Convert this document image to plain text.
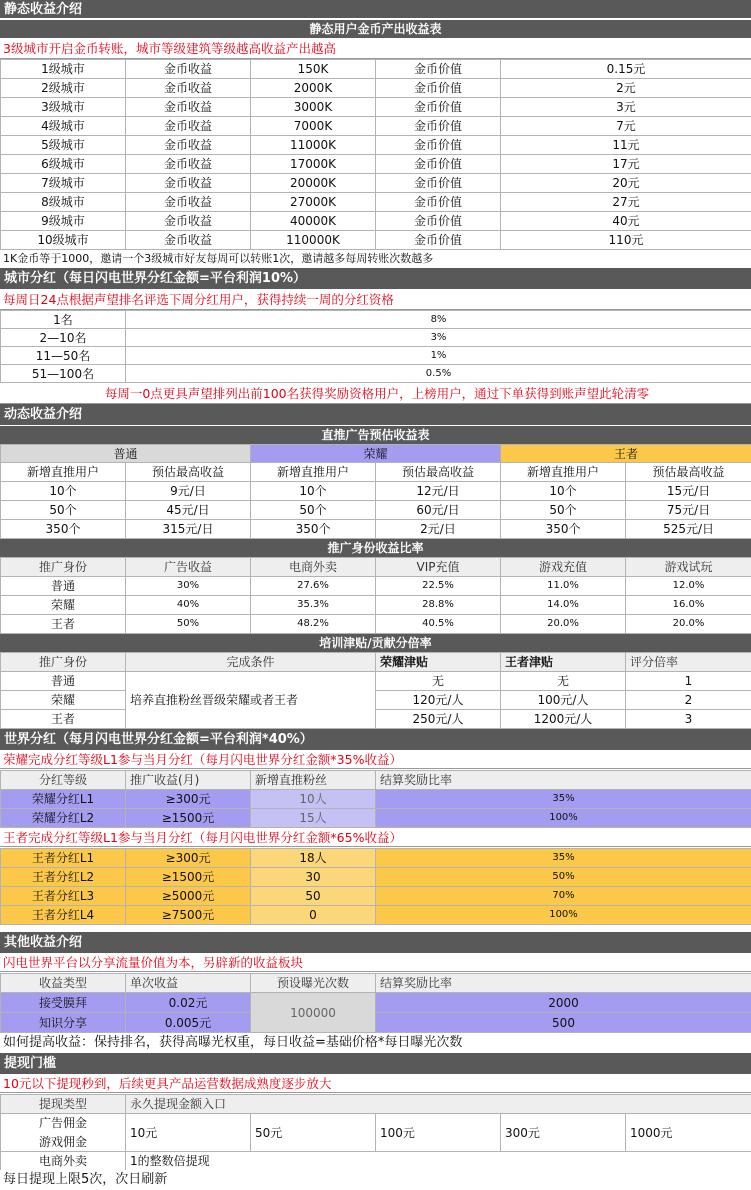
静态收益介绍
静态用户金币产出收益表
3级城市开启金币转账，城市等级建筑等级越高收益产出越高
1级城市	金币收益	150K	金币价值	0.15元
2级城市	金币收益	2000K	金币价值	2元
3级城市	金币收益	3000K	金币价值	3元
4级城市	金币收益	7000K	金币价值	7元
5级城市	金币收益	11000K	金币价值	11元
6级城市	金币收益	17000K	金币价值	17元
7级城市	金币收益	20000K	金币价值	20元
8级城市	金币收益	27000K	金币价值	27元
9级城市	金币收益	40000K	金币价值	40元
10级城市	金币收益	110000K	金币价值	110元
1K金币等于1000，邀请一个3级城市好友每周可以转账1次，邀请越多每周转账次数越多
城市分红（每日闪电世界分红金额=平台利润10%）
每周日24点根据声望排名评选下周分红用户，获得持续一周的分红资格
1名	8%
2—10名	3%
11—50名	1%
51—100名	0.5%
每周一0点更具声望排列出前100名获得奖励资格用户，上榜用户，通过下单获得到账声望此轮清零
动态收益介绍
直推广告预估收益表
普通		荣耀		王者	
新增直推用户	预估最高收益	新增直推用户	预估最高收益	新增直推用户	预估最高收益
10个	9元/日	10个	12元/日	10个	15元/日
50个	45元/日	50个	60元/日	50个	75元/日
350个	315元/日	350个	2元/日	350个	525元/日
推广身份收益比率
推广身份	广告收益	电商外卖	VIP充值	游戏充值	游戏试玩
普通	30%	27.6%	22.5%	11.0%	12.0%
荣耀	40%	35.3%	28.8%	14.0%	16.0%
王者	50%	48.2%	40.5%	20.0%	20.0%
培训津贴/贡献分倍率
推广身份	完成条件	荣耀津贴	王者津贴	评分倍率
普通	培养直推粉丝晋级荣耀或者王者	无	无	1
荣耀		120元/人	100元/人	2
王者		250元/人	1200元/人	3
世界分红（每月闪电世界分红金额=平台利润*40%）
荣耀完成分红等级L1参与当月分红（每月闪电世界分红金额*35%收益）
分红等级	推广收益(月)	新增直推粉丝	结算奖励比率
荣耀分红L1	≥300元	10人	35%
荣耀分红L2	≥1500元	15人	100%
王者完成分红等级L1参与当月分红（每月闪电世界分红金额*65%收益）
王者分红L1	≥300元	18人	35%
王者分红L2	≥1500元	30	50%
王者分红L3	≥5000元	50	70%
王者分红L4	≥7500元	0	100%
其他收益介绍
闪电世界平台以分享流量价值为本，另辟新的收益板块
收益类型	单次收益	预设曝光次数	结算奖励比率
接受膜拜	0.02元	100000	2000
知识分享	0.005元		500
如何提高收益：保持排名，获得高曝光权重，每日收益=基础价格*每日曝光次数
提现门槛
10元以下提现秒到，后续更具产品运营数据成熟度逐步放大
提现类型	永久提现金额入口				
广告佣金	10元	50元	100元	300元	1000元
游戏佣金					
电商外卖	1的整数倍提现				
每日提现上限5次，次日刷新
